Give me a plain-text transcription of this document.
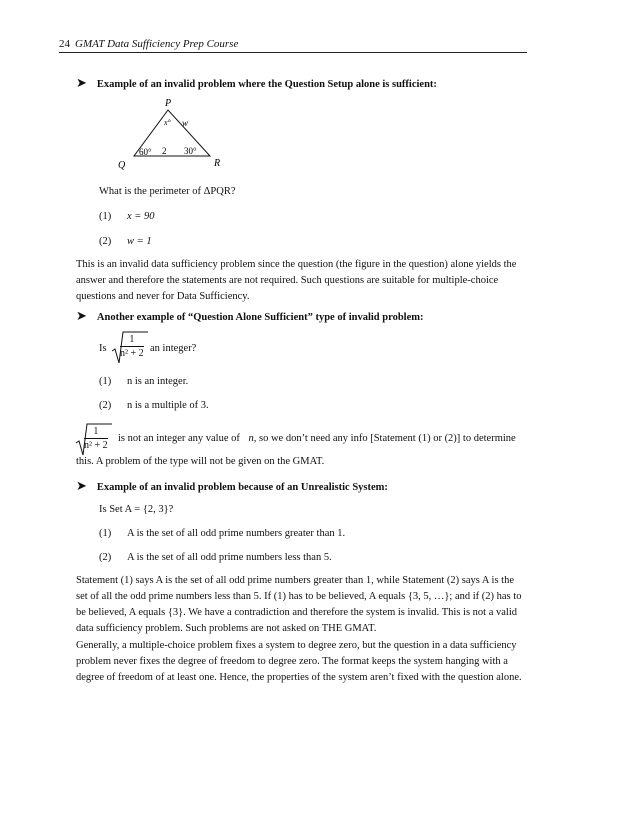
24 GMAT Data Sufficiency Prep Course
➤ Example of an invalid problem where the Question Setup alone is sufficient:
P
Q	R
x° w
60° 2 30°
What is the perimeter of ΔPQR?
(1) x = 90
(2) w = 1
This is an invalid data sufficiency problem since the question (the figure in the question) alone yields the
answer and therefore the statements are not required. Such questions are suitable for multiple-choice
questions and never for Data Sufficiency.
➤ Another example of “Question Alone Sufficient” type of invalid problem:
Is $\frac{1}{\text{n² + 2}}$ an integer?
(1) n is an integer.
(2) n is a multiple of 3.
$\frac{1}{\text{n² + 2}}$ is not an integer any value of n, so we don’t need any info [Statement (1) or (2)] to determine
this. A problem of the type will not be given on the GMAT.
➤ Example of an invalid problem because of an Unrealistic System:
Is Set A = {2, 3}?
(1) A is the set of all odd prime numbers greater than 1.
(2) A is the set of all odd prime numbers less than 5.
Statement (1) says A is the set of all odd prime numbers greater than 1, while Statement (2) says A is the
set of all the odd prime numbers less than 5. If (1) has to be believed, A equals {3, 5, …}; and if (2) has to
be believed, A equals {3}. We have a contradiction and therefore the system is invalid. This is not a valid
data sufficiency problem. Such problems are not asked on THE GMAT.
Generally, a multiple-choice problem fixes a system to degree zero, but the question in a data sufficiency
problem never fixes the degree of freedom to degree zero. The format keeps the system hanging with a
degree of freedom of at least one. Hence, the properties of the system aren’t fixed with the question alone.
